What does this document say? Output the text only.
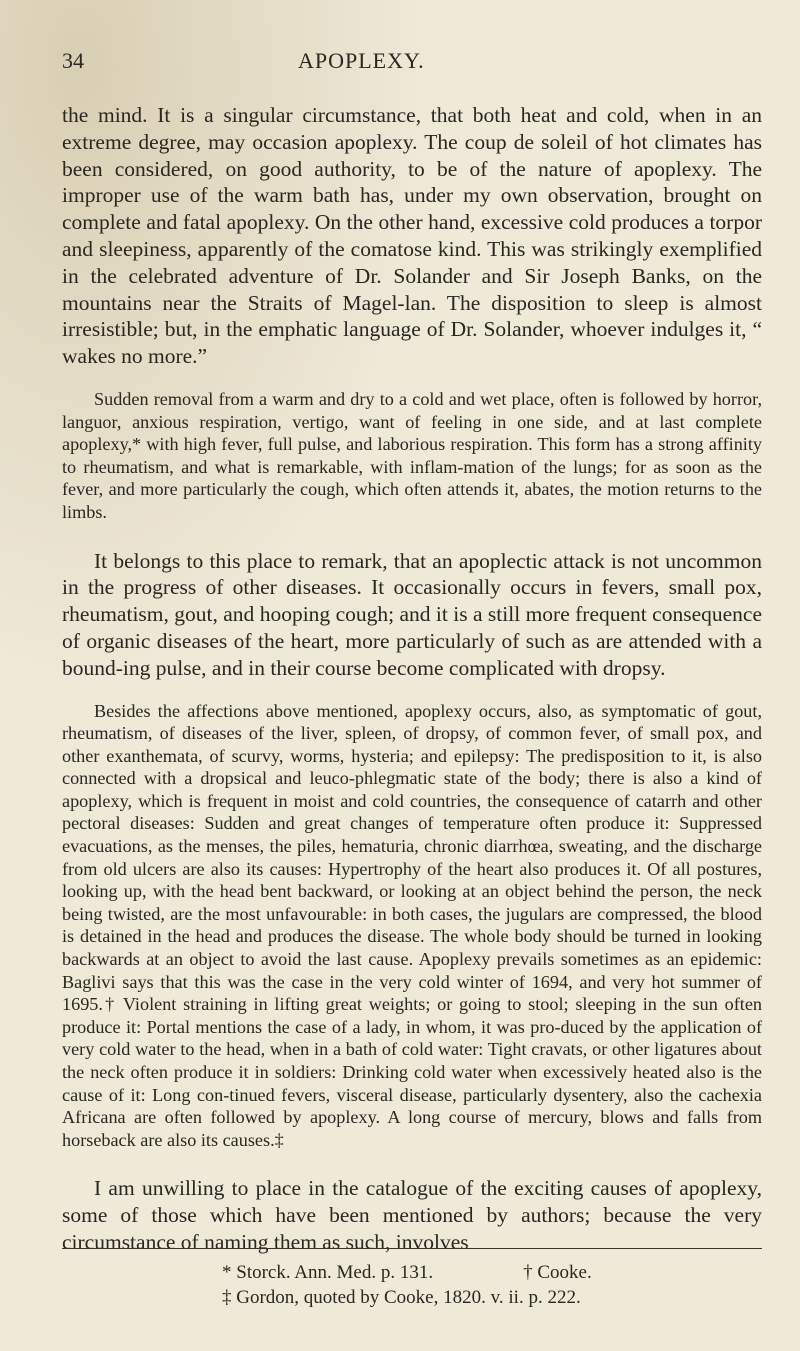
34	APOPLEXY.

the mind. It is a singular circumstance, that both heat and cold, when in an extreme degree, may occasion apoplexy. The coup de soleil of hot climates has been considered, on good authority, to be of the nature of apoplexy. The improper use of the warm bath has, under my own observation, brought on complete and fatal apoplexy. On the other hand, excessive cold produces a torpor and sleepiness, apparently of the comatose kind. This was strikingly exemplified in the celebrated adventure of Dr. Solander and Sir Joseph Banks, on the mountains near the Straits of Magel-lan. The disposition to sleep is almost irresistible; but, in the emphatic language of Dr. Solander, whoever indulges it, “ wakes no more.”

Sudden removal from a warm and dry to a cold and wet place, often is followed by horror, languor, anxious respiration, vertigo, want of feeling in one side, and at last complete apoplexy,* with high fever, full pulse, and laborious respiration. This form has a strong affinity to rheumatism, and what is remarkable, with inflam-mation of the lungs; for as soon as the fever, and more particularly the cough, which often attends it, abates, the motion returns to the limbs.

It belongs to this place to remark, that an apoplectic attack is not uncommon in the progress of other diseases. It occasionally occurs in fevers, small pox, rheumatism, gout, and hooping cough; and it is a still more frequent consequence of organic diseases of the heart, more particularly of such as are attended with a bound-ing pulse, and in their course become complicated with dropsy.

Besides the affections above mentioned, apoplexy occurs, also, as symptomatic of gout, rheumatism, of diseases of the liver, spleen, of dropsy, of common fever, of small pox, and other exanthemata, of scurvy, worms, hysteria; and epilepsy: The predisposition to it, is also connected with a dropsical and leuco-phlegmatic state of the body; there is also a kind of apoplexy, which is frequent in moist and cold countries, the consequence of catarrh and other pectoral diseases: Sudden and great changes of temperature often produce it: Suppressed evacuations, as the menses, the piles, hematuria, chronic diarrhœa, sweating, and the discharge from old ulcers are also its causes: Hypertrophy of the heart also produces it. Of all postures, looking up, with the head bent backward, or looking at an object behind the person, the neck being twisted, are the most unfavourable: in both cases, the jugulars are compressed, the blood is detained in the head and produces the disease. The whole body should be turned in looking backwards at an object to avoid the last cause. Apoplexy prevails sometimes as an epidemic: Baglivi says that this was the case in the very cold winter of 1694, and very hot summer of 1695.† Violent straining in lifting great weights; or going to stool; sleeping in the sun often produce it: Portal mentions the case of a lady, in whom, it was pro-duced by the application of very cold water to the head, when in a bath of cold water: Tight cravats, or other ligatures about the neck often produce it in soldiers: Drinking cold water when excessively heated also is the cause of it: Long con-tinued fevers, visceral disease, particularly dysentery, also the cachexia Africana are often followed by apoplexy. A long course of mercury, blows and falls from horseback are also its causes.‡

I am unwilling to place in the catalogue of the exciting causes of apoplexy, some of those which have been mentioned by authors; because the very circumstance of naming them as such, involves

* Storck. Ann. Med. p. 131.	† Cooke.
‡ Gordon, quoted by Cooke, 1820. v. ii. p. 222.
